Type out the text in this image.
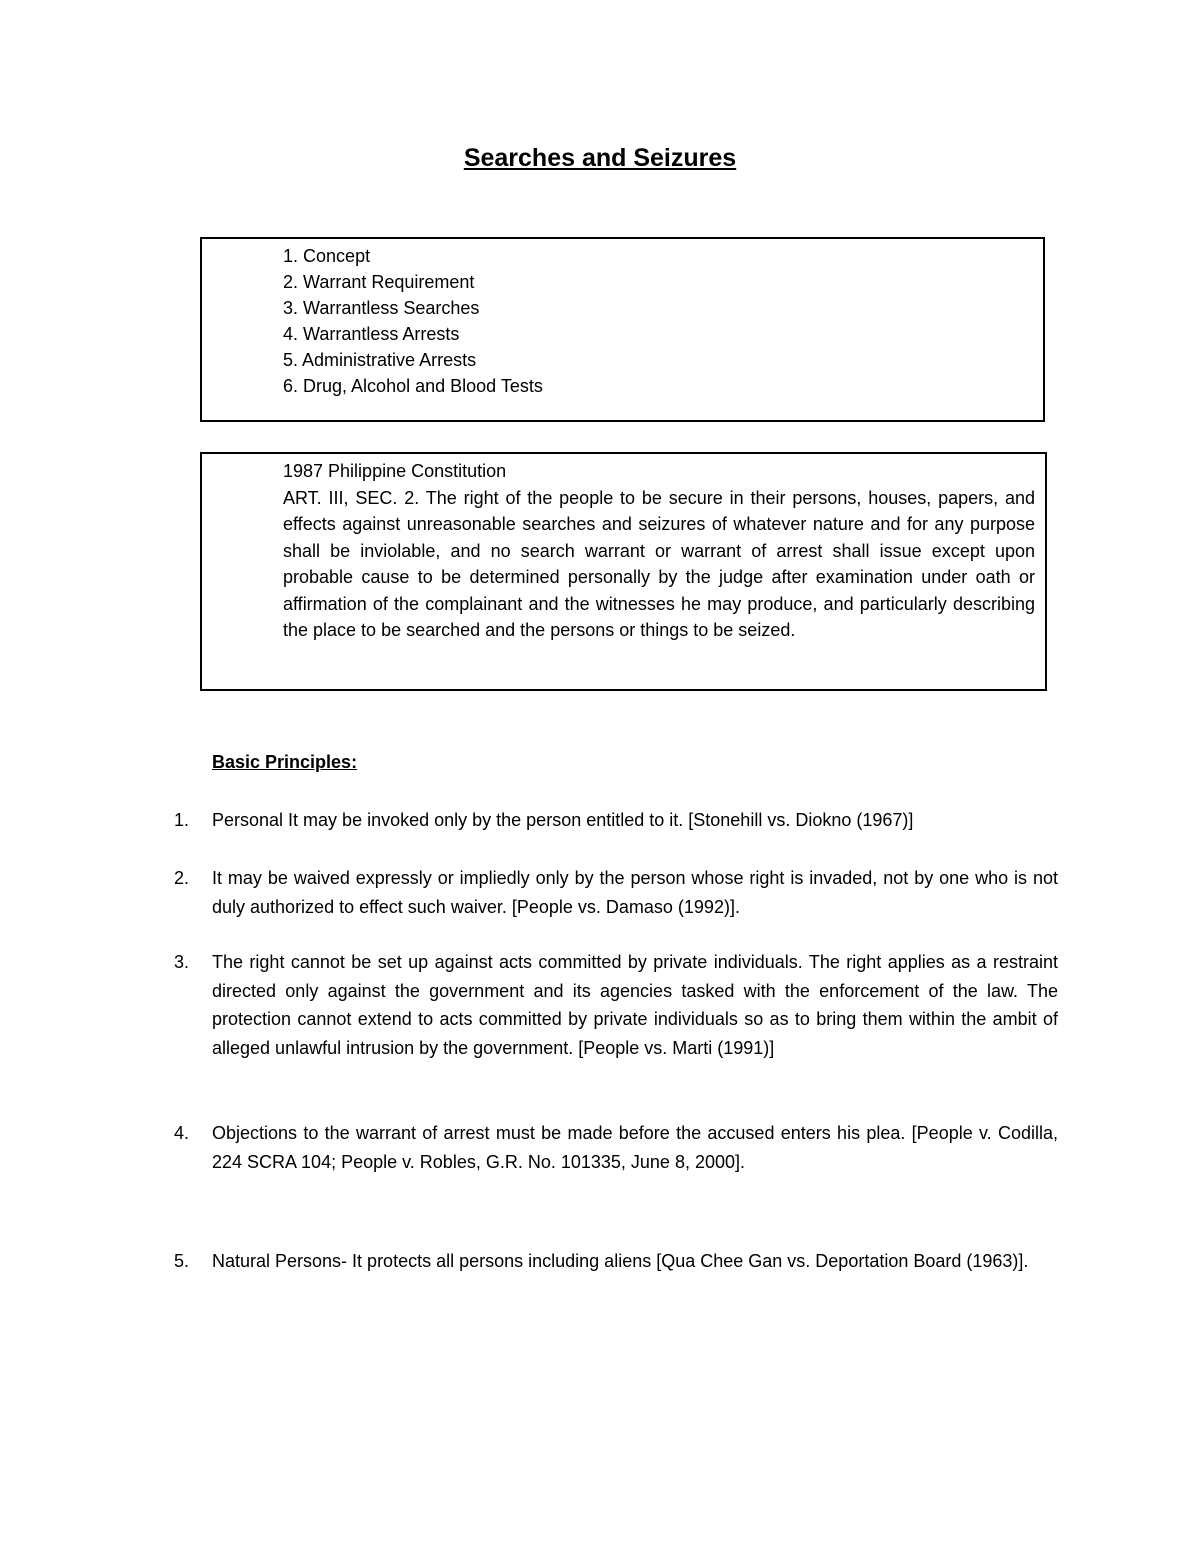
Searches and Seizures
1. Concept
2. Warrant Requirement
3. Warrantless Searches
4. Warrantless Arrests
5. Administrative Arrests
6. Drug, Alcohol and Blood Tests
1987 Philippine Constitution
ART. III, SEC. 2. The right of the people to be secure in their persons, houses, papers, and effects against unreasonable searches and seizures of whatever nature and for any purpose shall be inviolable, and no search warrant or warrant of arrest shall issue except upon probable cause to be determined personally by the judge after examination under oath or affirmation of the complainant and the witnesses he may produce, and particularly describing the place to be searched and the persons or things to be seized.
Basic Principles:
1.	Personal It may be invoked only by the person entitled to it. [Stonehill vs. Diokno (1967)]
2.	It may be waived expressly or impliedly only by the person whose right is invaded, not by one who is not duly authorized to effect such waiver. [People vs. Damaso (1992)].
3.	The right cannot be set up against acts committed by private individuals. The right applies as a restraint directed only against the government and its agencies tasked with the enforcement of the law. The protection cannot extend to acts committed by private individuals so as to bring them within the ambit of alleged unlawful intrusion by the government. [People vs. Marti (1991)]
4.	Objections to the warrant of arrest must be made before the accused enters his plea. [People v. Codilla, 224 SCRA 104; People v. Robles, G.R. No. 101335, June 8, 2000].
5.	Natural Persons- It protects all persons including aliens [Qua Chee Gan vs. Deportation Board (1963)].
